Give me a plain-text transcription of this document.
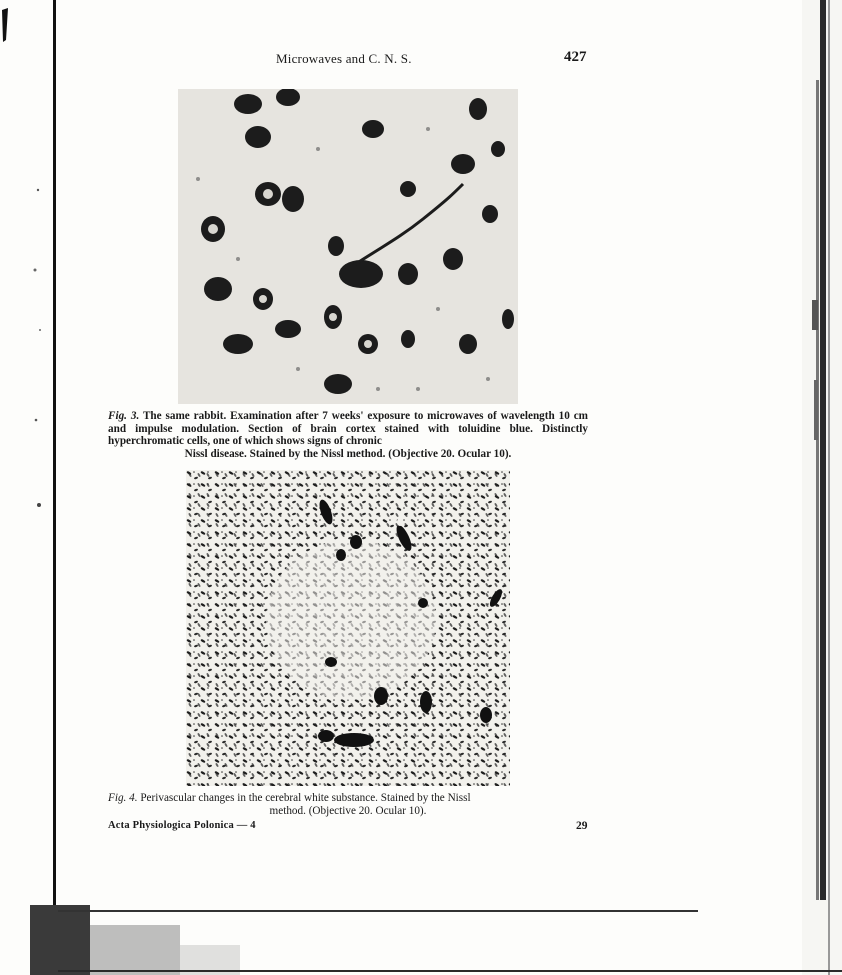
Microwaves and C. N. S.	427
Fig. 3. The same rabbit. Examination after 7 weeks' exposure to microwaves of wavelength 10 cm and impulse modulation. Section of brain cortex stained with toluidine blue. Distinctly hyperchromatic cells, one of which shows signs of chronic
Nissl disease. Stained by the Nissl method. (Objective 20. Ocular 10).
Fig. 4. Perivascular changes in the cerebral white substance. Stained by the Nissl
method. (Objective 20. Ocular 10).
Acta Physiologica Polonica — 4	29
